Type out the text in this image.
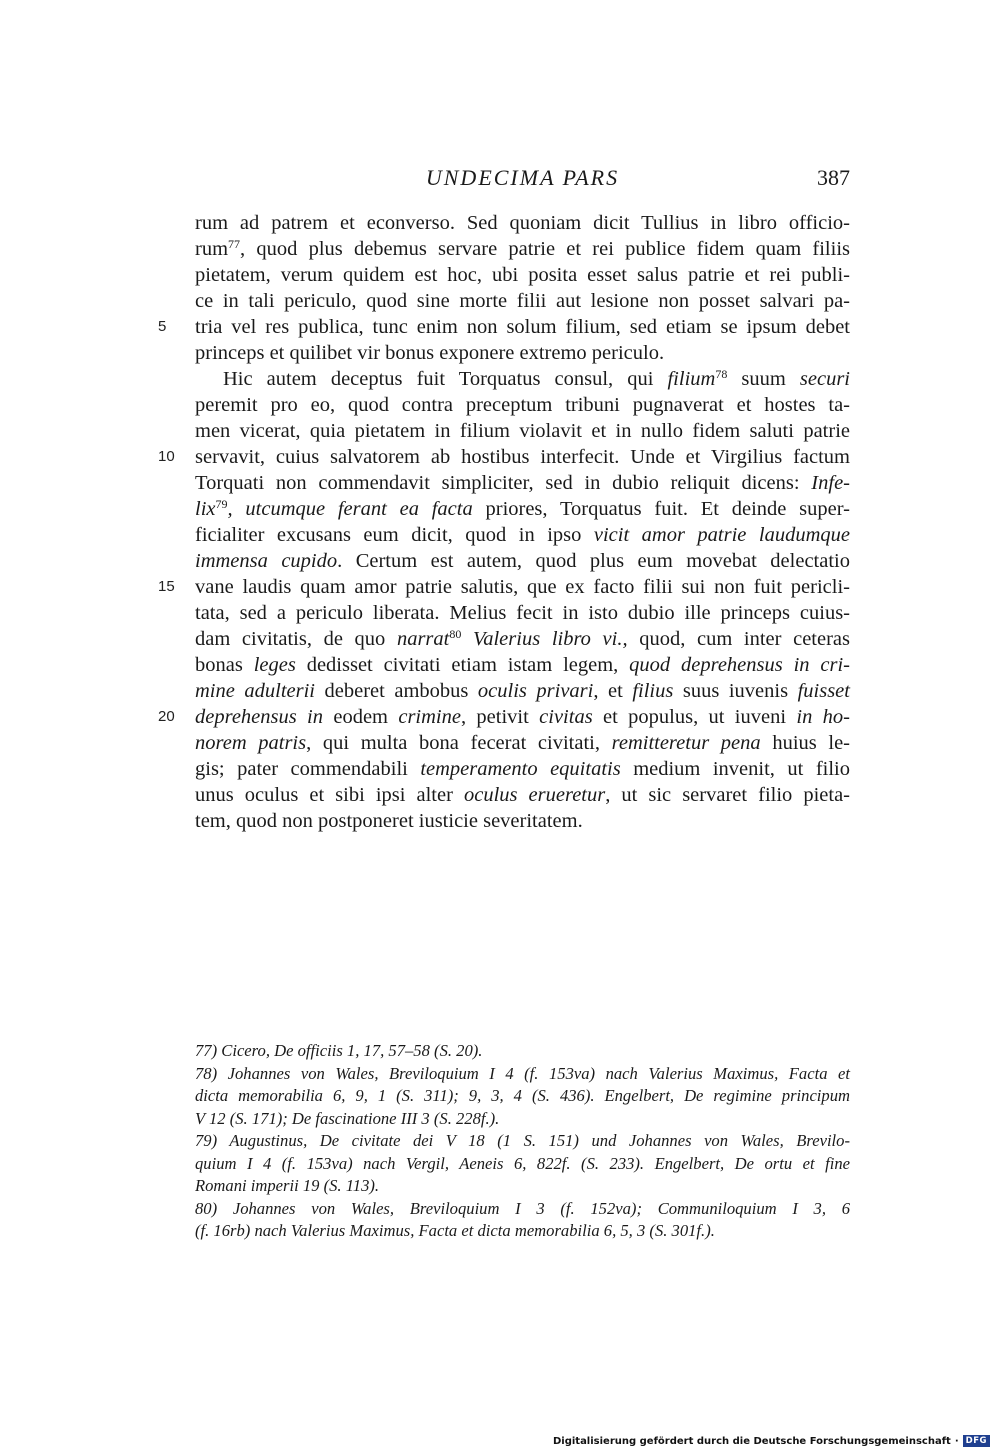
UNDECIMA PARS	387
rum ad patrem et econverso. Sed quoniam dicit Tullius in libro officio-
rum$^{77}$, quod plus debemus servare patrie et rei publice fidem quam filiis
pietatem, verum quidem est hoc, ubi posita esset salus patrie et rei publi-
ce in tali periculo, quod sine morte filii aut lesione non posset salvari pa-
5 tria vel res publica, tunc enim non solum filium, sed etiam se ipsum debet
princeps et quilibet vir bonus exponere extremo periculo.
Hic autem deceptus fuit Torquatus consul, qui filium$^{78}$ suum securi
peremit pro eo, quod contra preceptum tribuni pugnaverat et hostes ta-
men vicerat, quia pietatem in filium violavit et in nullo fidem saluti patrie
10 servavit, cuius salvatorem ab hostibus interfecit. Unde et Virgilius factum
Torquati non commendavit simpliciter, sed in dubio reliquit dicens: Infe-
lix$^{79}$, utcumque ferant ea facta priores, Torquatus fuit. Et deinde super-
ficialiter excusans eum dicit, quod in ipso vicit amor patrie laudumque
immensa cupido. Certum est autem, quod plus eum movebat delectatio
15 vane laudis quam amor patrie salutis, que ex facto filii sui non fuit pericli-
tata, sed a periculo liberata. Melius fecit in isto dubio ille princeps cuius-
dam civitatis, de quo narrat$^{80}$ Valerius libro vi., quod, cum inter ceteras
bonas leges dedisset civitati etiam istam legem, quod deprehensus in cri-
mine adulterii deberet ambobus oculis privari, et filius suus iuvenis fuisset
20 deprehensus in eodem crimine, petivit civitas et populus, ut iuveni in ho-
norem patris, qui multa bona fecerat civitati, remitteretur pena huius le-
gis; pater commendabili temperamento equitatis medium invenit, ut filio
unus oculus et sibi ipsi alter oculus erueretur, ut sic servaret filio pieta-
tem, quod non postponeret iusticie severitatem.
77) Cicero, De officiis 1, 17, 57–58 (S. 20).
78) Johannes von Wales, Breviloquium I 4 (f. 153va) nach Valerius Maximus, Facta et
dicta memorabilia 6, 9, 1 (S. 311); 9, 3, 4 (S. 436). Engelbert, De regimine principum
V 12 (S. 171); De fascinatione III 3 (S. 228f.).
79) Augustinus, De civitate dei V 18 (1 S. 151) und Johannes von Wales, Brevilo-
quium I 4 (f. 153va) nach Vergil, Aeneis 6, 822f. (S. 233). Engelbert, De ortu et fine
Romani imperii 19 (S. 113).
80) Johannes von Wales, Breviloquium I 3 (f. 152va); Communiloquium I 3, 6
(f. 16rb) nach Valerius Maximus, Facta et dicta memorabilia 6, 5, 3 (S. 301f.).
Digitalisierung gefördert durch die Deutsche Forschungsgemeinschaft · DFG
